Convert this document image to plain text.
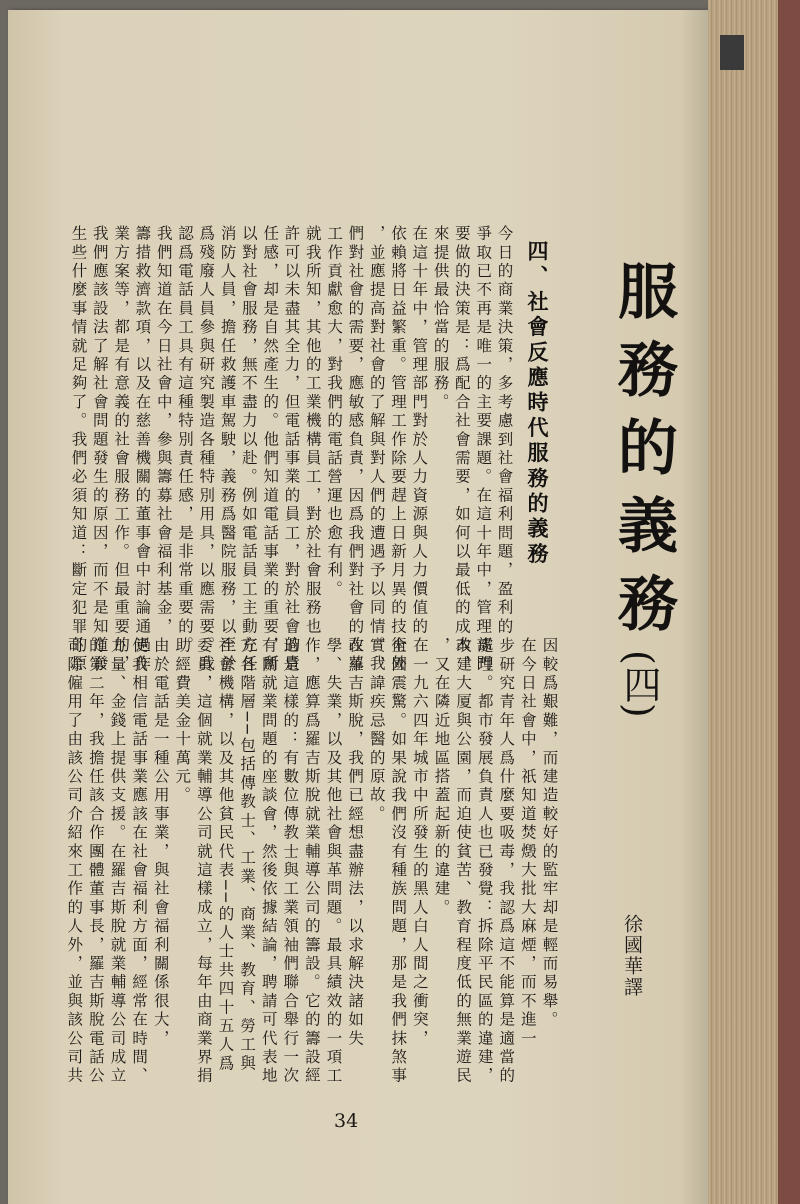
服務的義務
(四)
徐國華譯
四、社會反應時代服務的義務
今日的商業決策，多考慮到社會福利問題，盈利的
爭取已不再是唯一的主要課題。在這十年中，管理部門
要做的決策是：爲配合社會需要，如何以最低的成本，
來提供最恰當的服務。
在這十年中，管理部門對於人力資源與人力價值的
依賴將日益繁重。管理工作除要趕上日新月異的技術外
，並應提高對社會的了解與對人們的遭遇予以同情。我
們對社會的需要，應敏感負責，因爲我們對社會的改革
工作貢獻愈大，對我們的電話營運也愈有利。
就我所知，其他的工業機構員工，對於社會服務也
許可以未盡其全力，但電話事業的員工，對於社會的責
任感，却是自然產生的。他們知道電話事業的重要，所
以對社會服務，無不盡力以赴。例如電話員工主動充任
消防人員，擔任救護車駕駛，義務爲醫院服務，以至於
爲殘廢人員參與研究製造各種特別用具，以應需要。我
認爲電話員工具有這種特別責任感，是非常重要的。
我們知道在今日社會中，參與籌募社會福利基金，
籌措救濟款項，以及在慈善機關的董事會中討論通過作
業方案等，都是有意義的社會服務工作。但最重要的，
我們應該設法了解社會問題發生的原因，而不是知道發
生些什麼事情就足夠了。我們必須知道：斷定犯罪的原
因較爲艱難，而建造較好的監牢却是輕而易舉。
在今日社會中，祇知道焚燬大批大麻煙，而不進一
步研究青年人爲什麼要吸毒，我認爲這不能算是適當的
處理。都市發展負責人也已發覺：拆除平民區的違建，
改建大厦與公園，而迫使貧苦、教育程度低的無業遊民
，又在隣近地區搭蓋起新的違建。
在一九六四年城市中所發生的黑人白人間之衝突，
全國震驚。如果說我們沒有種族問題，那是我們抹煞事
實，諱疾忌醫的原故。
在羅吉斯脫，我們已經想盡辦法，以求解決諸如失
學、失業，以及其他社會與革問題。最具績效的一項工
作，應算爲羅吉斯脫就業輔導公司的籌設。它的籌設經
過是這樣的：有數位傳教士與工業領袖們聯合舉行一次
有關就業問題的座談會，然後依據結論，聘請可代表地
方各階層──包括傳教士、工業、商業、教育、勞工與
社會機構，以及其他貧民代表──的人士共四十五人爲
委員，這個就業輔導公司就這樣成立，每年由商業界捐
助經費美金十萬元。
由於電話是一種公用事業，與社會福利關係很大，
使我相信電話事業應該在社會福利方面，經常在時間、
力量、金錢上提供支援。在羅吉斯脫就業輔導公司成立
的第二年，我擔任該合作團體董事長，羅吉斯脫電話公
司除僱用了由該公司介紹來工作的人外，並與該公司共
34
